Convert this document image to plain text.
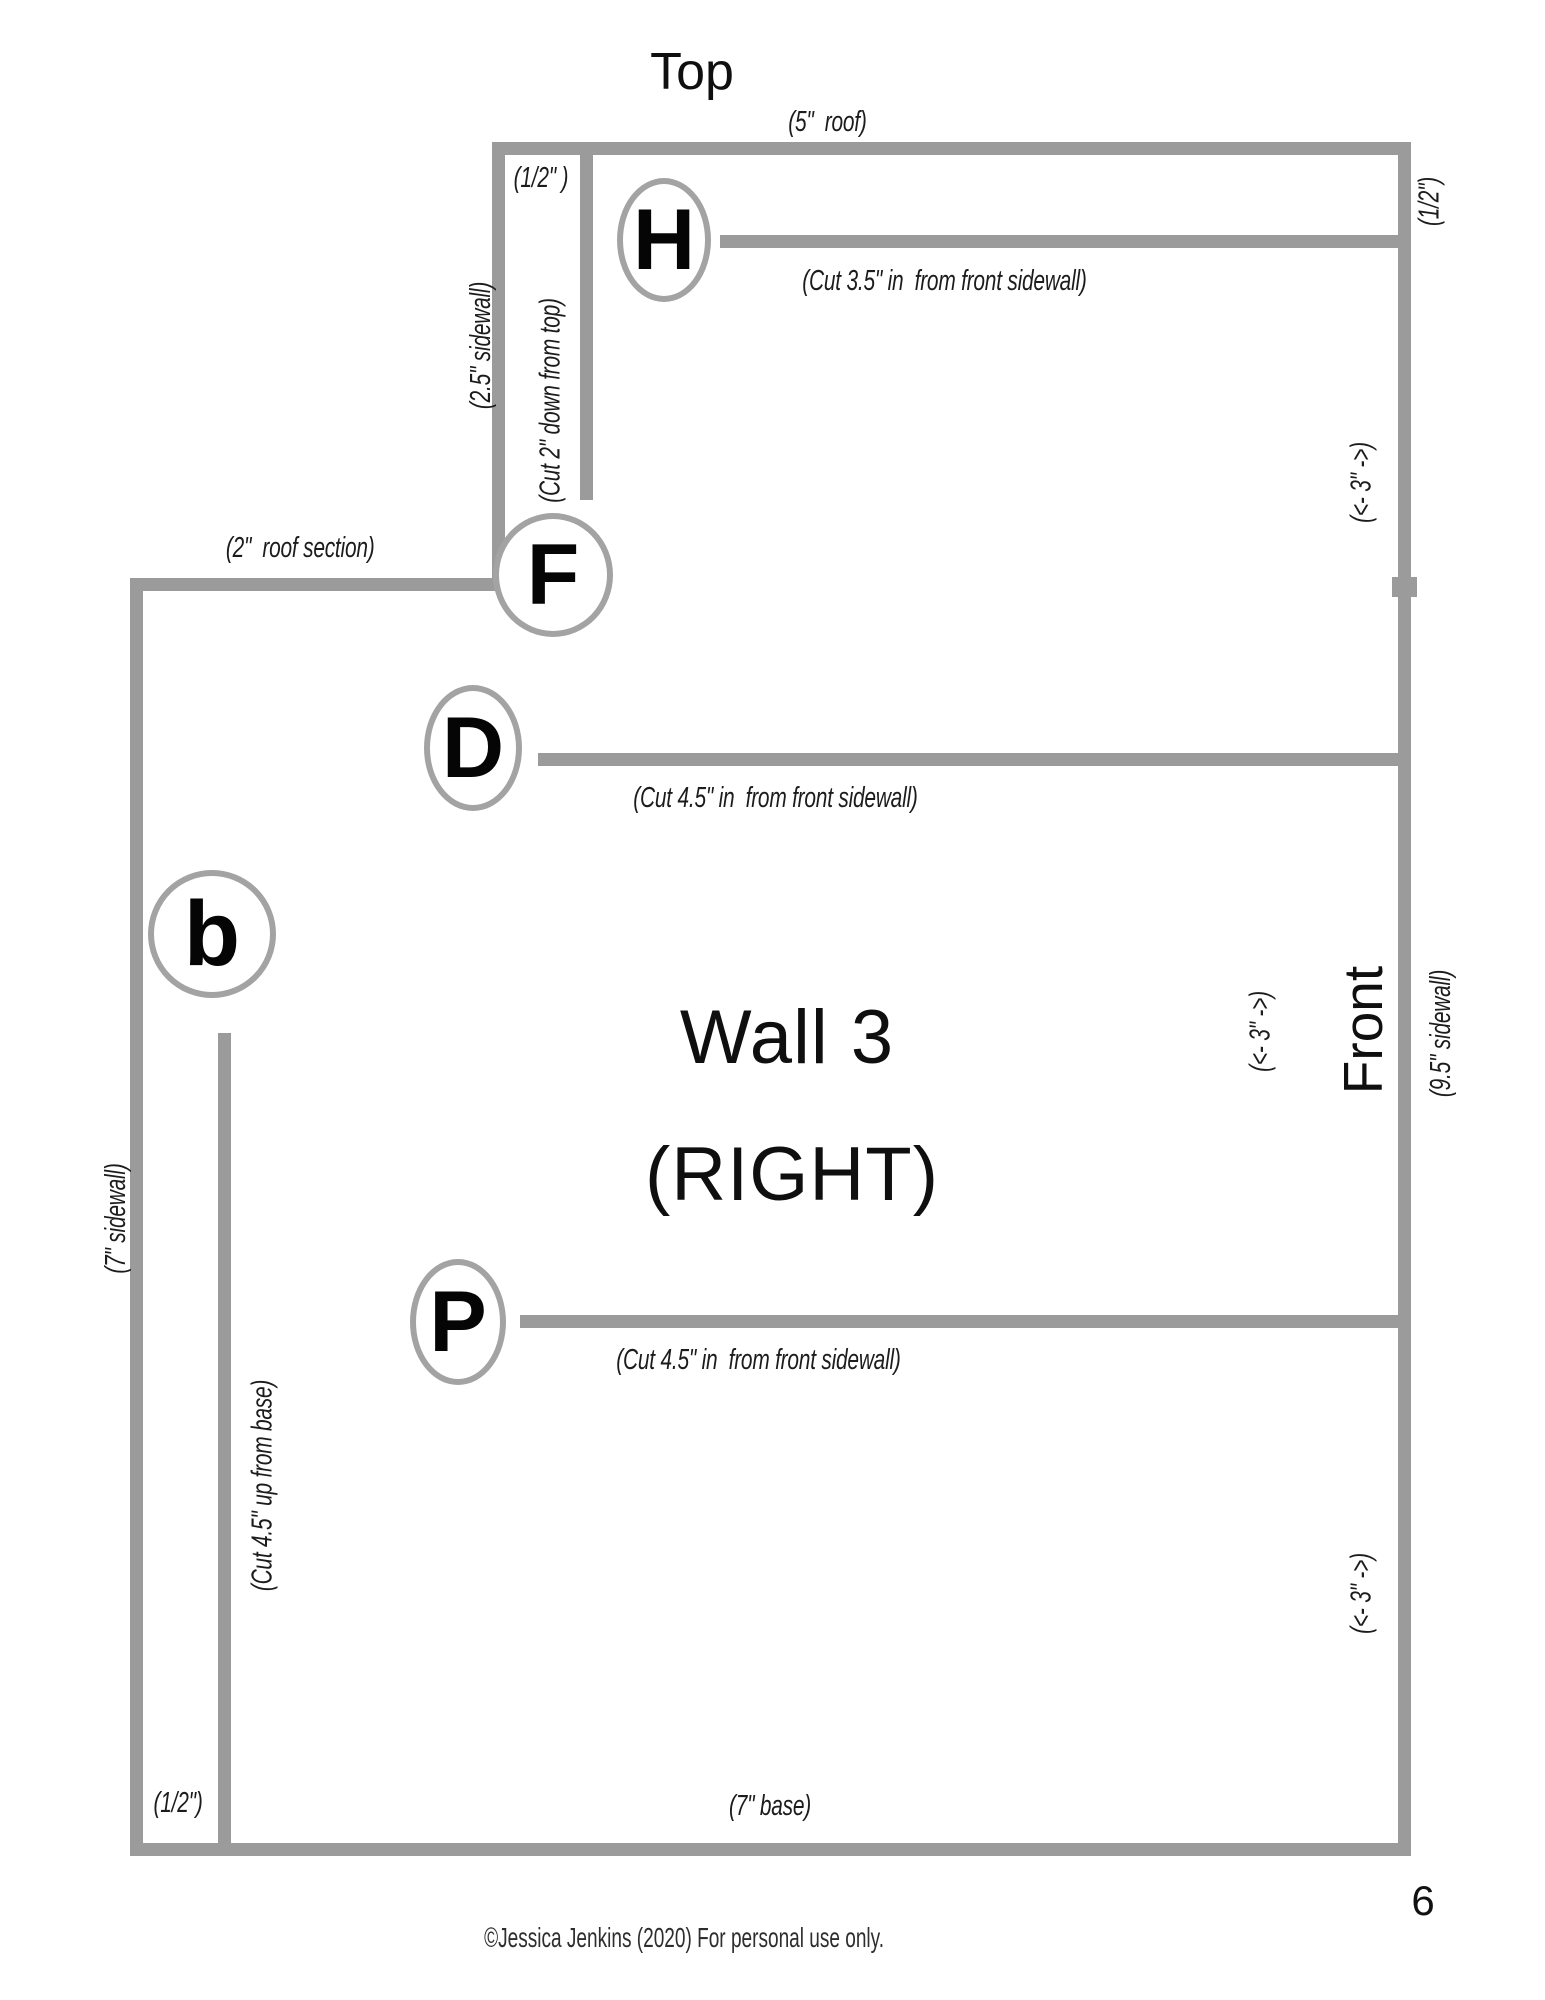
H
F
D
b
P
Top
Wall 3
(RIGHT)
Front
(5"  roof)
(1/2" )
(Cut 3.5" in  from front sidewall)
(2"  roof section)
(Cut 4.5" in  from front sidewall)
(Cut 4.5" in  from front sidewall)
(1/2")	(7" base)
(2.5" sidewall) (Cut 2" down from top)
(1/2")
(<- 3" ->)
(<- 3" ->)	(9.5" sidewall)
(7" sidewall)
(Cut 4.5" up from base)
(<- 3" ->)
6
©Jessica Jenkins (2020) For personal use only.
